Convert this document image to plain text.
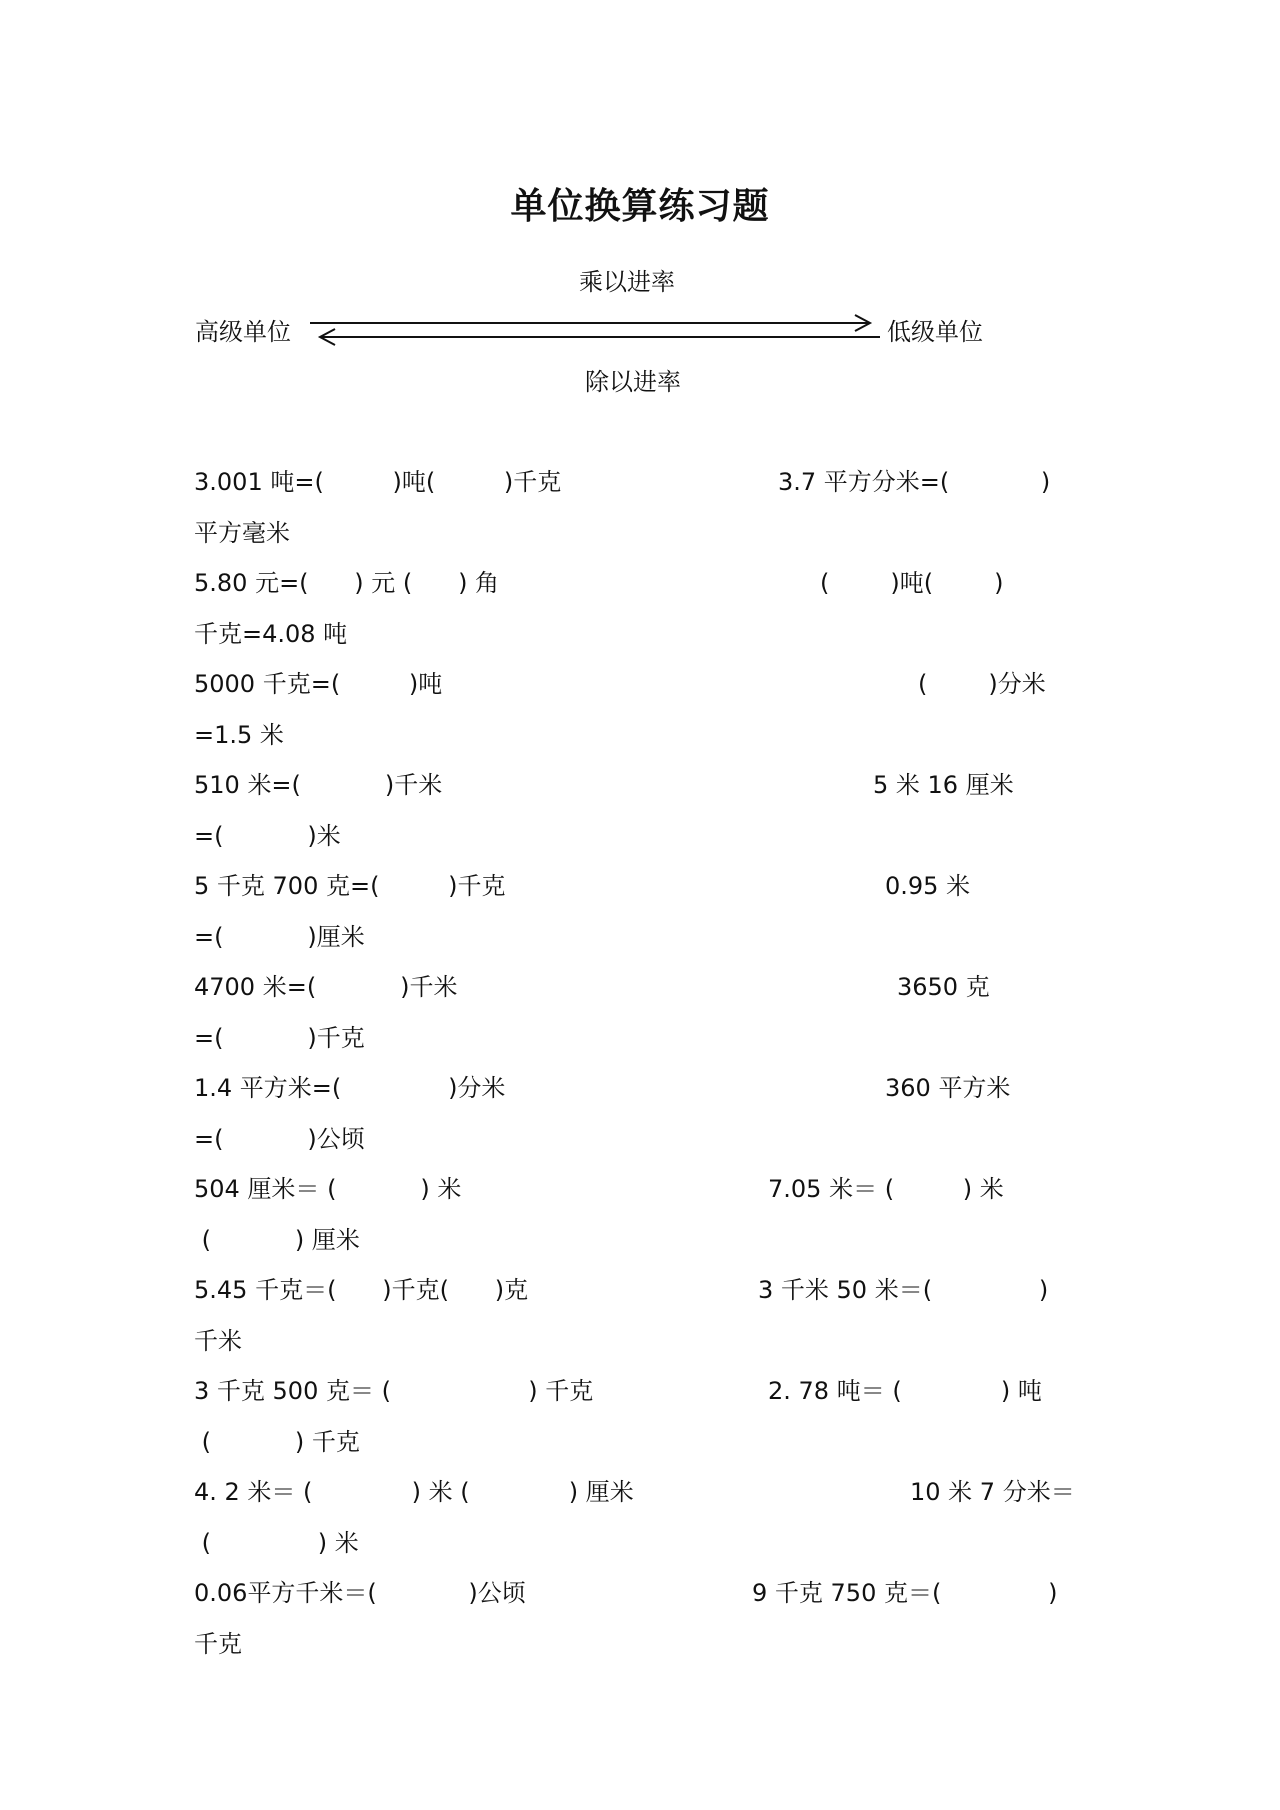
单位换算练习题
乘以进率
高级单位	低级单位
除以进率
3.001 吨=(         )吨(         )千克	3.7 平方分米=(            )
平方毫米
5.80 元=(      ) 元 (      ) 角	(        )吨(        )
千克=4.08 吨
5000 千克=(         )吨	(        )分米
=1.5 米
510 米=(           )千米	5 米 16 厘米
=(           )米
5 千克 700 克=(         )千克	0.95 米
=(           )厘米
4700 米=(           )千米	3650 克
=(           )千克
1.4 平方米=(              )分米	360 平方米
=(           )公顷
504 厘米＝ (           ) 米	7.05 米＝ (         ) 米
(           ) 厘米
5.45 千克＝(      )千克(      )克	3 千米 50 米＝(              )
千米
3 千克 500 克＝ (                  ) 千克	2. 78 吨＝ (             ) 吨
(           ) 千克
4. 2 米＝ (             ) 米 (             ) 厘米	10 米 7 分米＝
(              ) 米
0.06平方千米＝(            )公顷	9 千克 750 克＝(              )
千克
